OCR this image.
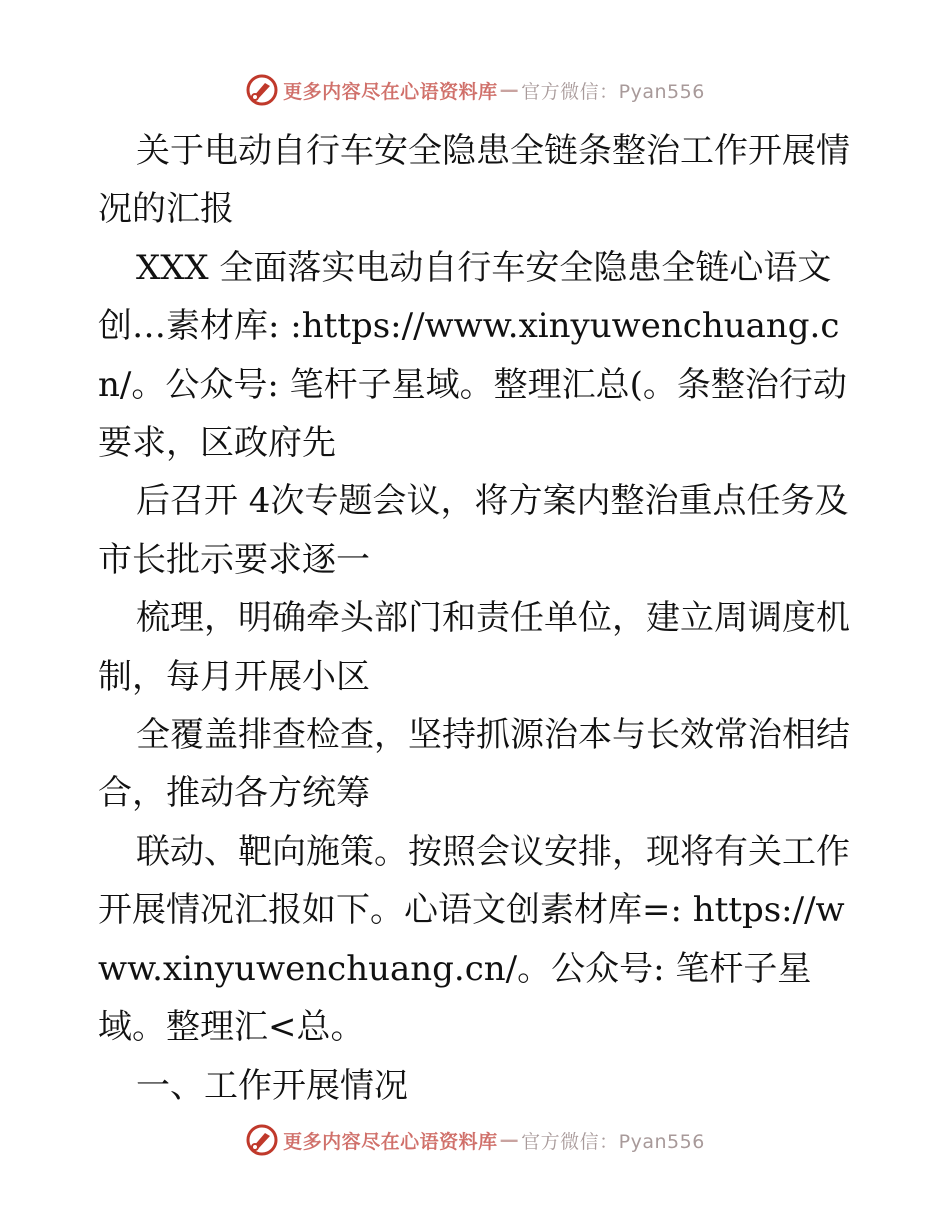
更多内容尽在心语资料库 — 官方微信：Pyan556

关于电动自行车安全隐患全链条整治工作开展情况的汇报

XXX 全面落实电动自行车安全隐患全链心语文创…素材库: :https://www.xinyuwenchuang.cn/。公众号: 笔杆子星域。整理汇总(。条整治行动要求，区政府先

后召开 4次专题会议，将方案内整治重点任务及市长批示要求逐一

梳理，明确牵头部门和责任单位，建立周调度机制，每月开展小区

全覆盖排查检查，坚持抓源治本与长效常治相结合，推动各方统筹

联动、靶向施策。按照会议安排，现将有关工作开展情况汇报如下。心语文创素材库=: https://www.xinyuwenchuang.cn/。公众号: 笔杆子星域。整理汇<总。

一、工作开展情况

更多内容尽在心语资料库 — 官方微信：Pyan556
